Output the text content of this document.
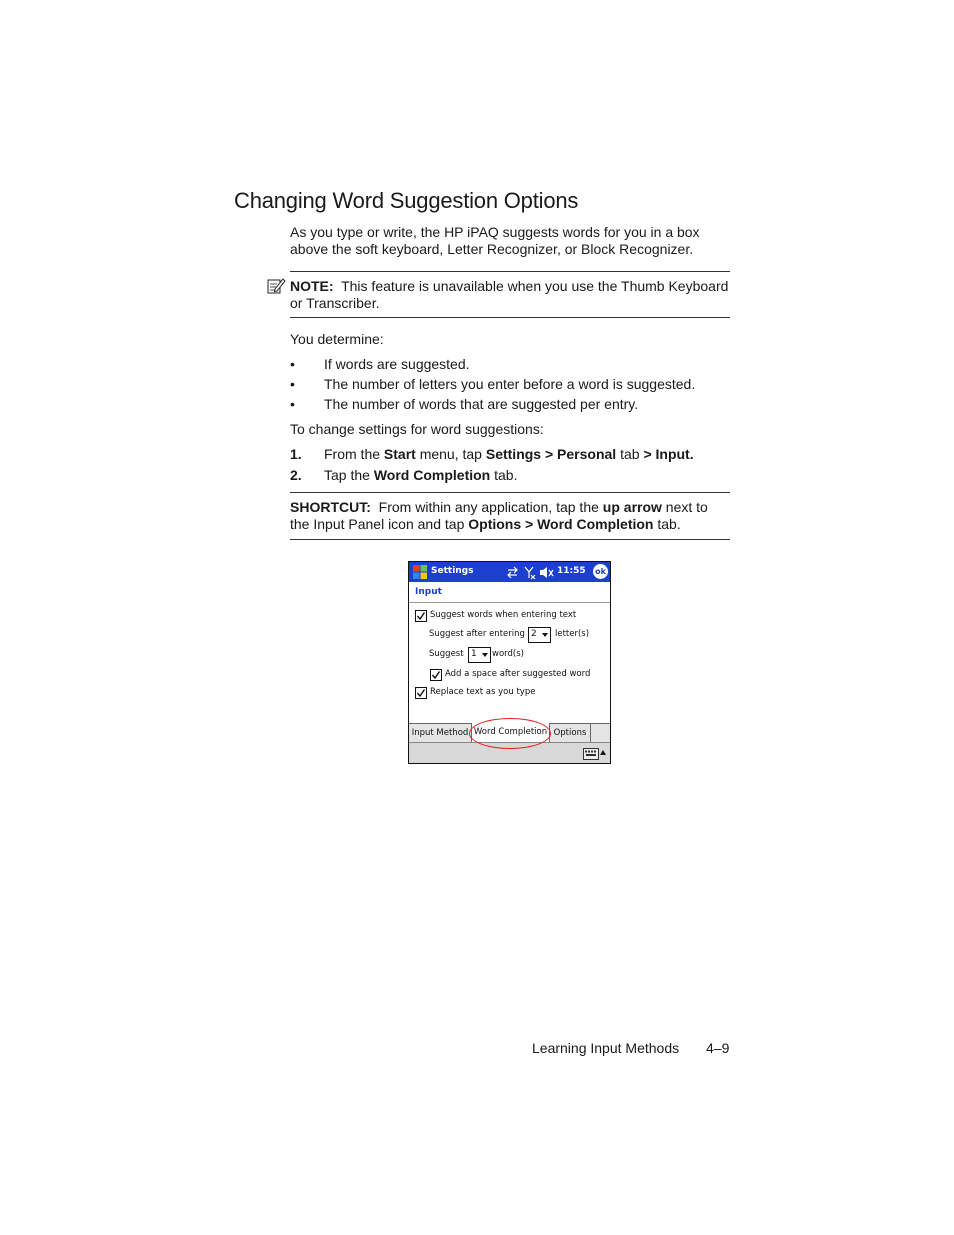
Changing Word Suggestion Options

As you type or write, the HP iPAQ suggests words for you in a box above the soft keyboard, Letter Recognizer, or Block Recognizer.

NOTE: This feature is unavailable when you use the Thumb Keyboard or Transcriber.

You determine:

• If words are suggested.
• The number of letters you enter before a word is suggested.
• The number of words that are suggested per entry.

To change settings for word suggestions:

1. From the Start menu, tap Settings > Personal tab > Input.
2. Tap the Word Completion tab.

SHORTCUT: From within any application, tap the up arrow next to the Input Panel icon and tap Options > Word Completion tab.

Settings	11:55 ok
Input
Suggest words when entering text
Suggest after entering 2 letter(s)
Suggest 1 word(s)
Add a space after suggested word
Replace text as you type
Input Method Word Completion Options
Learning Input Methods 4–9
